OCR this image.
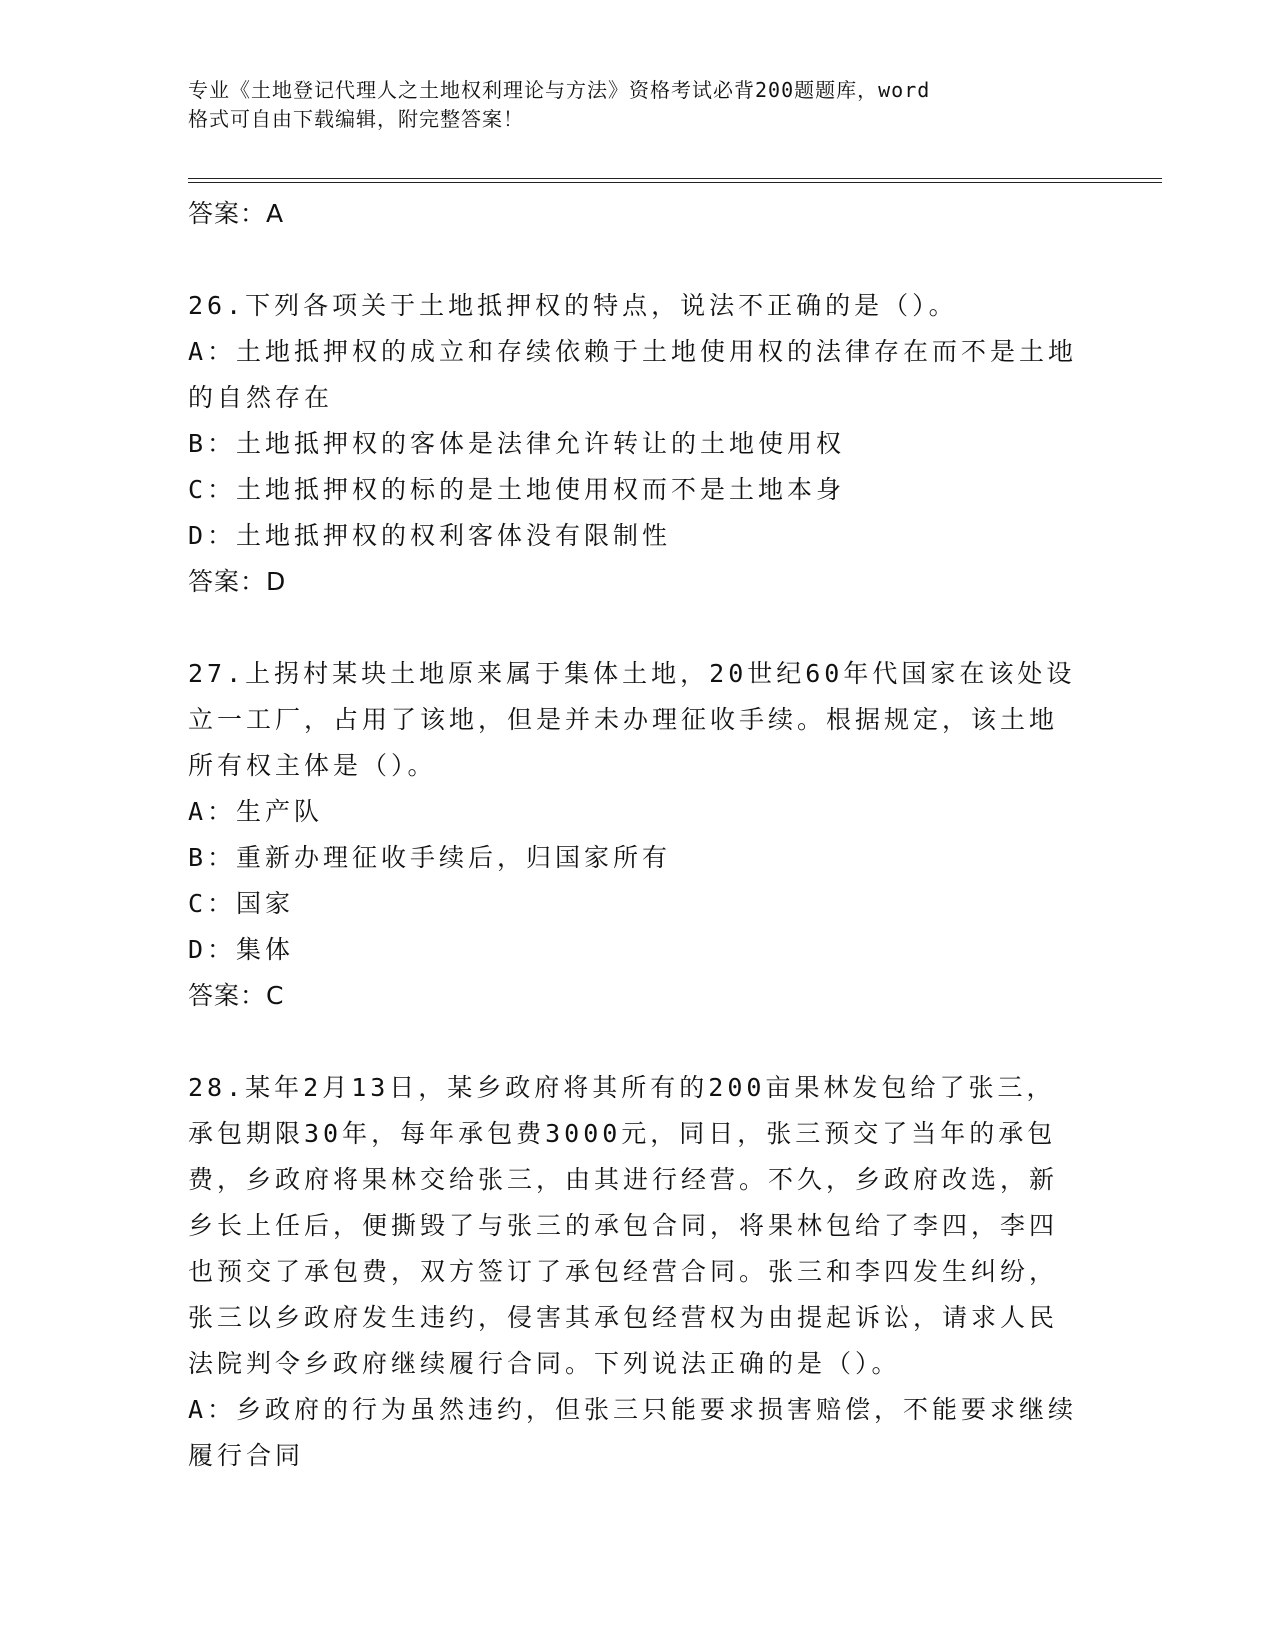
专业《土地登记代理人之土地权利理论与方法》资格考试必背200题题库，word
格式可自由下载编辑，附完整答案！
答案：A
26.下列各项关于土地抵押权的特点，说法不正确的是（）。
A：土地抵押权的成立和存续依赖于土地使用权的法律存在而不是土地
的自然存在
B：土地抵押权的客体是法律允许转让的土地使用权
C：土地抵押权的标的是土地使用权而不是土地本身
D：土地抵押权的权利客体没有限制性
答案：D
27.上拐村某块土地原来属于集体土地，20世纪60年代国家在该处设
立一工厂，占用了该地，但是并未办理征收手续。根据规定，该土地
所有权主体是（）。
A：生产队
B：重新办理征收手续后，归国家所有
C：国家
D：集体
答案：C
28.某年2月13日，某乡政府将其所有的200亩果林发包给了张三，
承包期限30年，每年承包费3000元，同日，张三预交了当年的承包
费，乡政府将果林交给张三，由其进行经营。不久，乡政府改选，新
乡长上任后，便撕毁了与张三的承包合同，将果林包给了李四，李四
也预交了承包费，双方签订了承包经营合同。张三和李四发生纠纷，
张三以乡政府发生违约，侵害其承包经营权为由提起诉讼，请求人民
法院判令乡政府继续履行合同。下列说法正确的是（）。
A：乡政府的行为虽然违约，但张三只能要求损害赔偿，不能要求继续
履行合同
